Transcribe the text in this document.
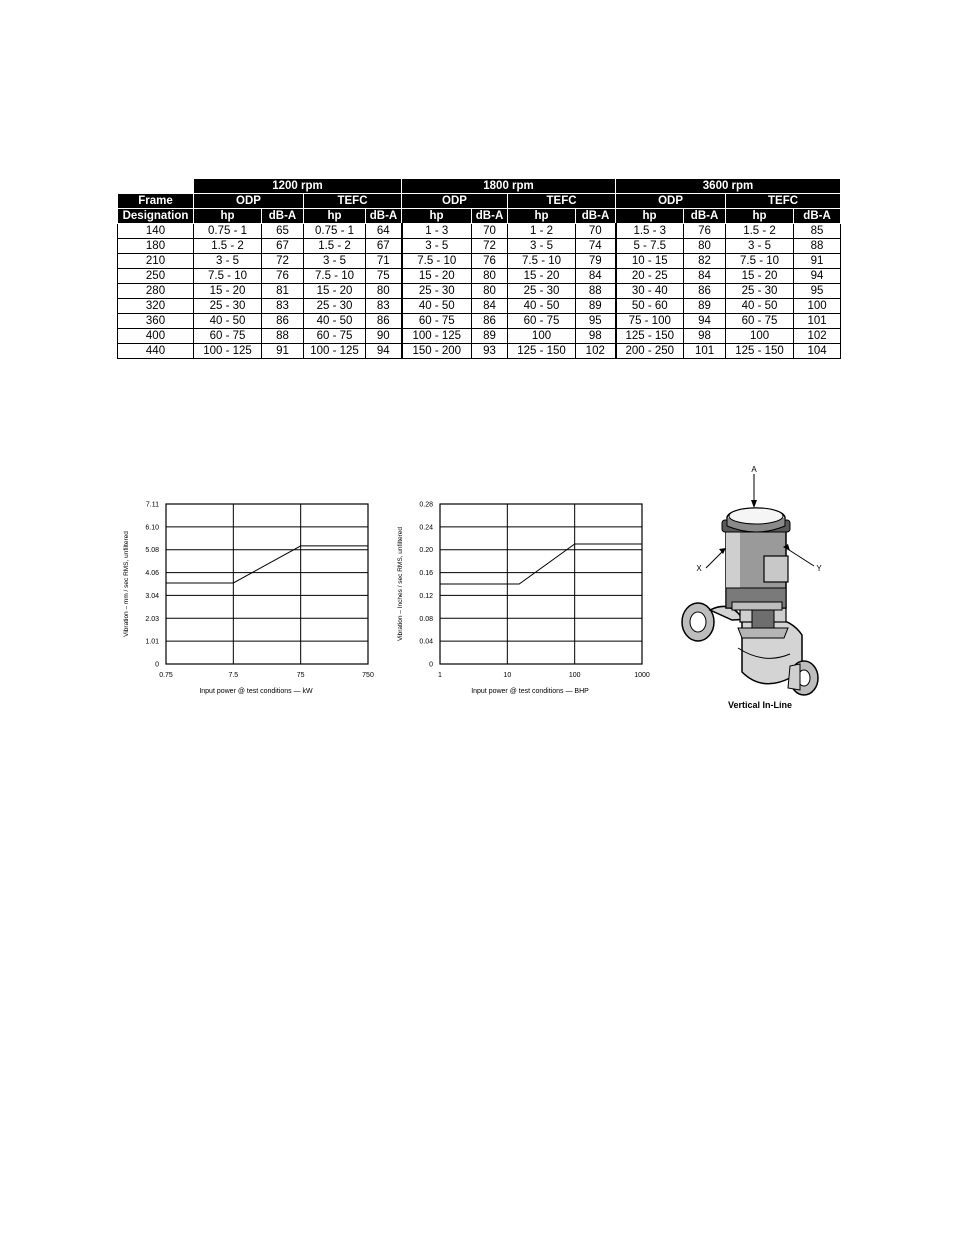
	1200 rpm				1800 rpm				3600 rpm			
Frame	ODP		TEFC		ODP		TEFC		ODP		TEFC	
Designation	hp	dB-A	hp	dB-A	hp	dB-A	hp	dB-A	hp	dB-A	hp	dB-A
140	0.75 - 1	65	0.75 - 1	64	1 - 3	70	1 - 2	70	1.5 - 3	76	1.5 - 2	85
180	1.5 - 2	67	1.5 - 2	67	3 - 5	72	3 - 5	74	5 - 7.5	80	3 - 5	88
210	3 - 5	72	3 - 5	71	7.5 - 10	76	7.5 - 10	79	10 - 15	82	7.5 - 10	91
250	7.5 - 10	76	7.5 - 10	75	15 - 20	80	15 - 20	84	20 - 25	84	15 - 20	94
280	15 - 20	81	15 - 20	80	25 - 30	80	25 - 30	88	30 - 40	86	25 - 30	95
320	25 - 30	83	25 - 30	83	40 - 50	84	40 - 50	89	50 - 60	89	40 - 50	100
360	40 - 50	86	40 - 50	86	60 - 75	86	60 - 75	95	75 - 100	94	60 - 75	101
400	60 - 75	88	60 - 75	90	100 - 125	89	100	98	125 - 150	98	100	102
440	100 - 125	91	100 - 125	94	150 - 200	93	125 - 150	102	200 - 250	101	125 - 150	104
0
1.01
2.03
3.04
4.06
5.08
6.10
7.11
0.75	7.5	75	750
Input power @ test conditions — kW
Vibration – mm / sec RMS, unfiltered
0
0.04
0.08
0.12
0.16
0.20
0.24
0.28
1	10	100	1000
Input power @ test conditions — BHP
Vibration – Inches / sec RMS, unfiltered
A
X	Y
Vertical In-Line
